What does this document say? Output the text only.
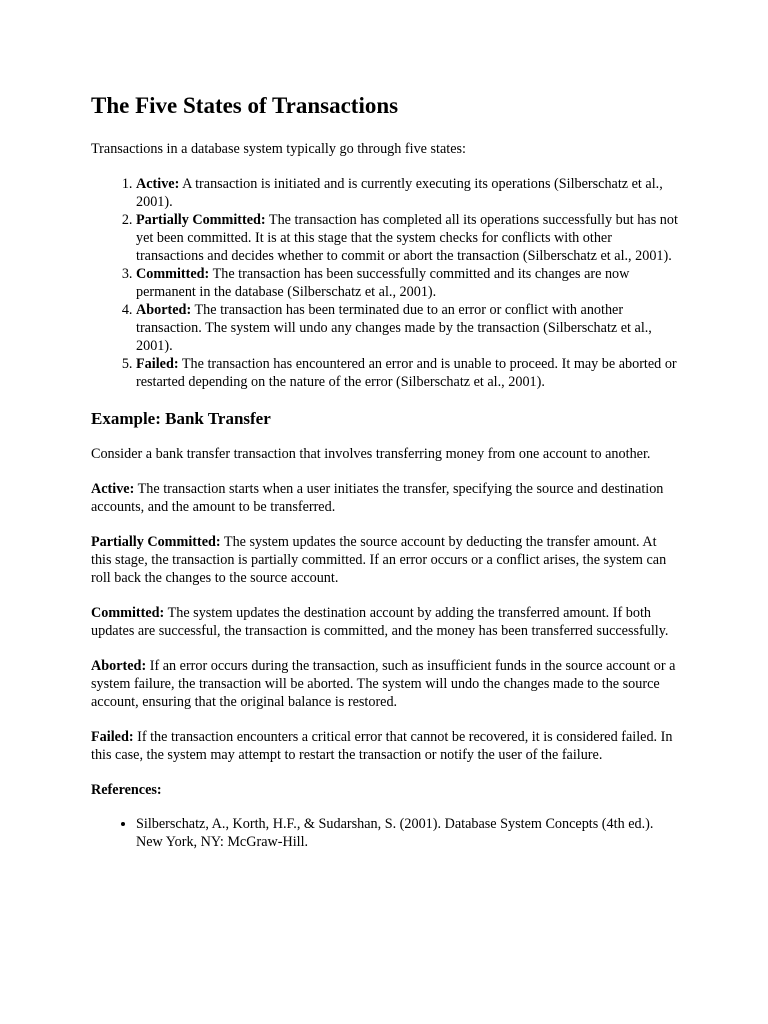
The Five States of Transactions

Transactions in a database system typically go through five states:

1. Active: A transaction is initiated and is currently executing its operations (Silberschatz et al., 2001).
2. Partially Committed: The transaction has completed all its operations successfully but has not yet been committed. It is at this stage that the system checks for conflicts with other transactions and decides whether to commit or abort the transaction (Silberschatz et al., 2001).
3. Committed: The transaction has been successfully committed and its changes are now permanent in the database (Silberschatz et al., 2001).
4. Aborted: The transaction has been terminated due to an error or conflict with another transaction. The system will undo any changes made by the transaction (Silberschatz et al., 2001).
5. Failed: The transaction has encountered an error and is unable to proceed. It may be aborted or restarted depending on the nature of the error (Silberschatz et al., 2001).
Example: Bank Transfer

Consider a bank transfer transaction that involves transferring money from one account to another.

Active: The transaction starts when a user initiates the transfer, specifying the source and destination accounts, and the amount to be transferred.

Partially Committed: The system updates the source account by deducting the transfer amount. At this stage, the transaction is partially committed. If an error occurs or a conflict arises, the system can roll back the changes to the source account.

Committed: The system updates the destination account by adding the transferred amount. If both updates are successful, the transaction is committed, and the money has been transferred successfully.

Aborted: If an error occurs during the transaction, such as insufficient funds in the source account or a system failure, the transaction will be aborted. The system will undo the changes made to the source account, ensuring that the original balance is restored.

Failed: If the transaction encounters a critical error that cannot be recovered, it is considered failed. In this case, the system may attempt to restart the transaction or notify the user of the failure.

References:

• Silberschatz, A., Korth, H.F., & Sudarshan, S. (2001). Database System Concepts (4th ed.). New York, NY: McGraw-Hill.
